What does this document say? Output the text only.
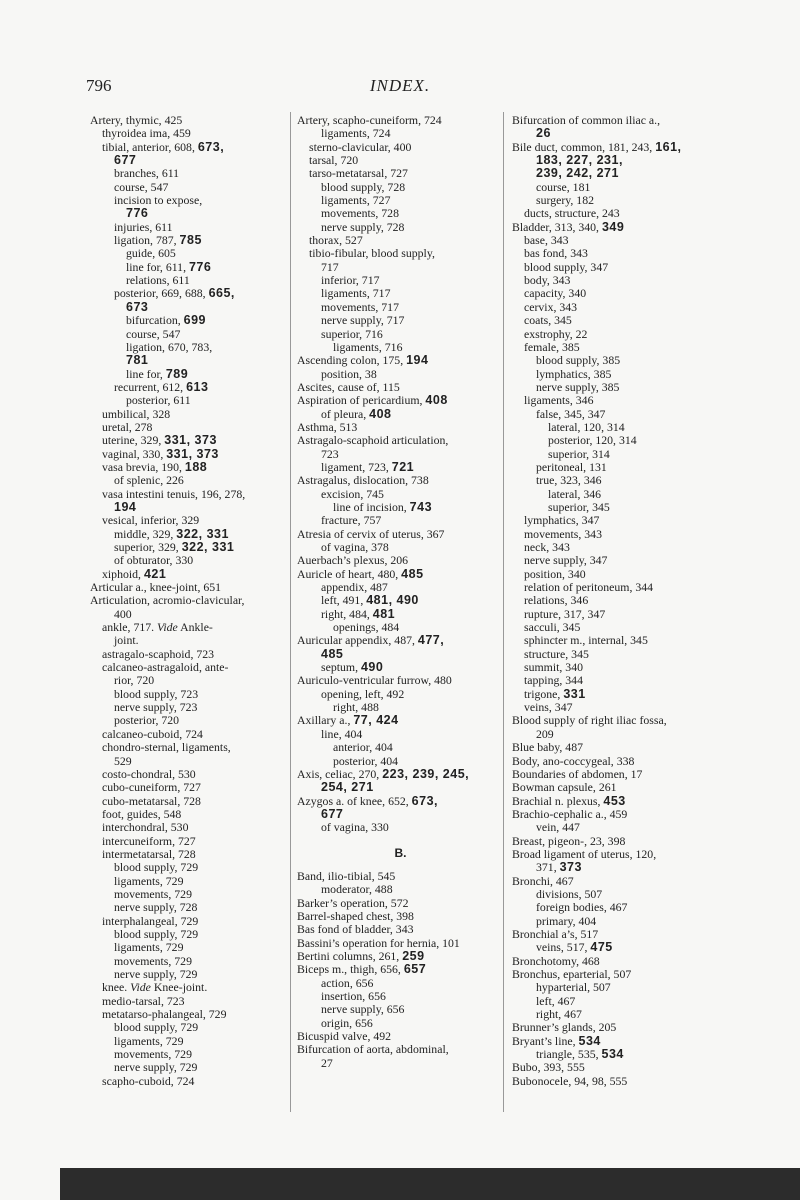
796	INDEX.
Artery, thymic, 425
thyroidea ima, 459
tibial, anterior, 608, 673,
677
branches, 611
course, 547
incision to expose,
776
injuries, 611
ligation, 787, 785
guide, 605
line for, 611, 776
relations, 611
posterior, 669, 688, 665,
673
bifurcation, 699
course, 547
ligation, 670, 783,
781
line for, 789
recurrent, 612, 613
posterior, 611
umbilical, 328
uretal, 278
uterine, 329, 331, 373
vaginal, 330, 331, 373
vasa brevia, 190, 188
of splenic, 226
vasa intestini tenuis, 196, 278,
194
vesical, inferior, 329
middle, 329, 322, 331
superior, 329, 322, 331
of obturator, 330
xiphoid, 421
Articular a., knee-joint, 651
Articulation, acromio-clavicular,
400
ankle, 717. Vide Ankle-
joint.
astragalo-scaphoid, 723
calcaneo-astragaloid, ante-
rior, 720
blood supply, 723
nerve supply, 723
posterior, 720
calcaneo-cuboid, 724
chondro-sternal, ligaments,
529
costo-chondral, 530
cubo-cuneiform, 727
cubo-metatarsal, 728
foot, guides, 548
interchondral, 530
intercuneiform, 727
intermetatarsal, 728
blood supply, 729
ligaments, 729
movements, 729
nerve supply, 728
interphalangeal, 729
blood supply, 729
ligaments, 729
movements, 729
nerve supply, 729
knee. Vide Knee-joint.
medio-tarsal, 723
metatarso-phalangeal, 729
blood supply, 729
ligaments, 729
movements, 729
nerve supply, 729
scapho-cuboid, 724
Artery, scapho-cuneiform, 724
ligaments, 724
sterno-clavicular, 400
tarsal, 720
tarso-metatarsal, 727
blood supply, 728
ligaments, 727
movements, 728
nerve supply, 728
thorax, 527
tibio-fibular, blood supply,
717
inferior, 717
ligaments, 717
movements, 717
nerve supply, 717
superior, 716
ligaments, 716
Ascending colon, 175, 194
position, 38
Ascites, cause of, 115
Aspiration of pericardium, 408
of pleura, 408
Asthma, 513
Astragalo-scaphoid articulation,
723
ligament, 723, 721
Astragalus, dislocation, 738
excision, 745
line of incision, 743
fracture, 757
Atresia of cervix of uterus, 367
of vagina, 378
Auerbach’s plexus, 206
Auricle of heart, 480, 485
appendix, 487
left, 491, 481, 490
right, 484, 481
openings, 484
Auricular appendix, 487, 477,
485
septum, 490
Auriculo-ventricular furrow, 480
opening, left, 492
right, 488
Axillary a., 77, 424
line, 404
anterior, 404
posterior, 404
Axis, celiac, 270, 223, 239, 245,
254, 271
Azygos a. of knee, 652, 673,
677
of vagina, 330
B.
Band, ilio-tibial, 545
moderator, 488
Barker’s operation, 572
Barrel-shaped chest, 398
Bas fond of bladder, 343
Bassini’s operation for hernia, 101
Bertini columns, 261, 259
Biceps m., thigh, 656, 657
action, 656
insertion, 656
nerve supply, 656
origin, 656
Bicuspid valve, 492
Bifurcation of aorta, abdominal,
27
Bifurcation of common iliac a.,
26
Bile duct, common, 181, 243, 161,
183, 227, 231,
239, 242, 271
course, 181
surgery, 182
ducts, structure, 243
Bladder, 313, 340, 349
base, 343
bas fond, 343
blood supply, 347
body, 343
capacity, 340
cervix, 343
coats, 345
exstrophy, 22
female, 385
blood supply, 385
lymphatics, 385
nerve supply, 385
ligaments, 346
false, 345, 347
lateral, 120, 314
posterior, 120, 314
superior, 314
peritoneal, 131
true, 323, 346
lateral, 346
superior, 345
lymphatics, 347
movements, 343
neck, 343
nerve supply, 347
position, 340
relation of peritoneum, 344
relations, 346
rupture, 317, 347
sacculi, 345
sphincter m., internal, 345
structure, 345
summit, 340
tapping, 344
trigone, 331
veins, 347
Blood supply of right iliac fossa,
209
Blue baby, 487
Body, ano-coccygeal, 338
Boundaries of abdomen, 17
Bowman capsule, 261
Brachial n. plexus, 453
Brachio-cephalic a., 459
vein, 447
Breast, pigeon-, 23, 398
Broad ligament of uterus, 120,
371, 373
Bronchi, 467
divisions, 507
foreign bodies, 467
primary, 404
Bronchial a’s, 517
veins, 517, 475
Bronchotomy, 468
Bronchus, eparterial, 507
hyparterial, 507
left, 467
right, 467
Brunner’s glands, 205
Bryant’s line, 534
triangle, 535, 534
Bubo, 393, 555
Bubonocele, 94, 98, 555
